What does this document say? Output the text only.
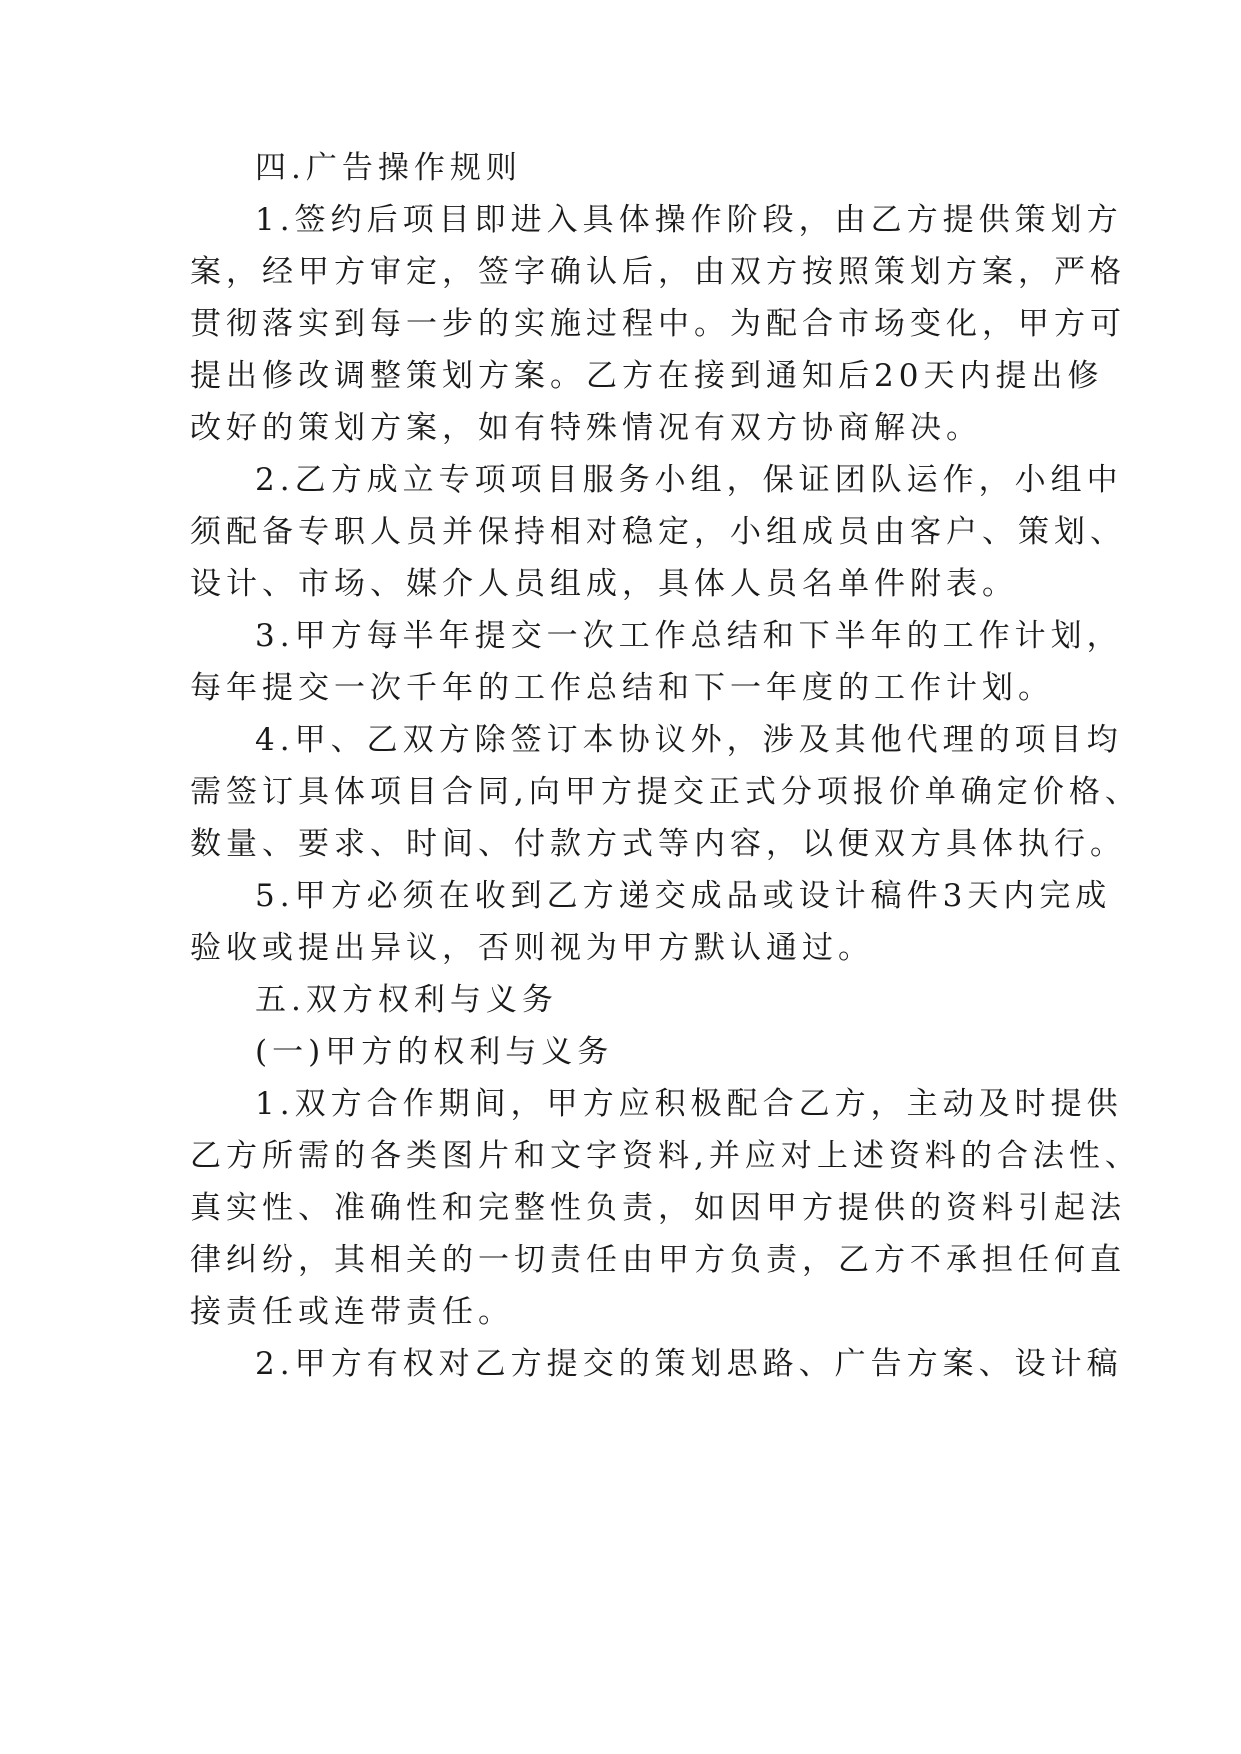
四.广告操作规则
1.签约后项目即进入具体操作阶段，由乙方提供策划方
案，经甲方审定，签字确认后，由双方按照策划方案，严格
贯彻落实到每一步的实施过程中。为配合市场变化，甲方可
提出修改调整策划方案。乙方在接到通知后20天内提出修
改好的策划方案，如有特殊情况有双方协商解决。
2.乙方成立专项项目服务小组，保证团队运作，小组中
须配备专职人员并保持相对稳定，小组成员由客户、策划、
设计、市场、媒介人员组成，具体人员名单件附表。
3.甲方每半年提交一次工作总结和下半年的工作计划，
每年提交一次千年的工作总结和下一年度的工作计划。
4.甲、乙双方除签订本协议外，涉及其他代理的项目均
需签订具体项目合同,向甲方提交正式分项报价单确定价格、
数量、要求、时间、付款方式等内容，以便双方具体执行。
5.甲方必须在收到乙方递交成品或设计稿件3天内完成
验收或提出异议，否则视为甲方默认通过。
五.双方权利与义务
(一)甲方的权利与义务
1.双方合作期间，甲方应积极配合乙方，主动及时提供
乙方所需的各类图片和文字资料,并应对上述资料的合法性、
真实性、准确性和完整性负责，如因甲方提供的资料引起法
律纠纷，其相关的一切责任由甲方负责，乙方不承担任何直
接责任或连带责任。
2.甲方有权对乙方提交的策划思路、广告方案、设计稿
